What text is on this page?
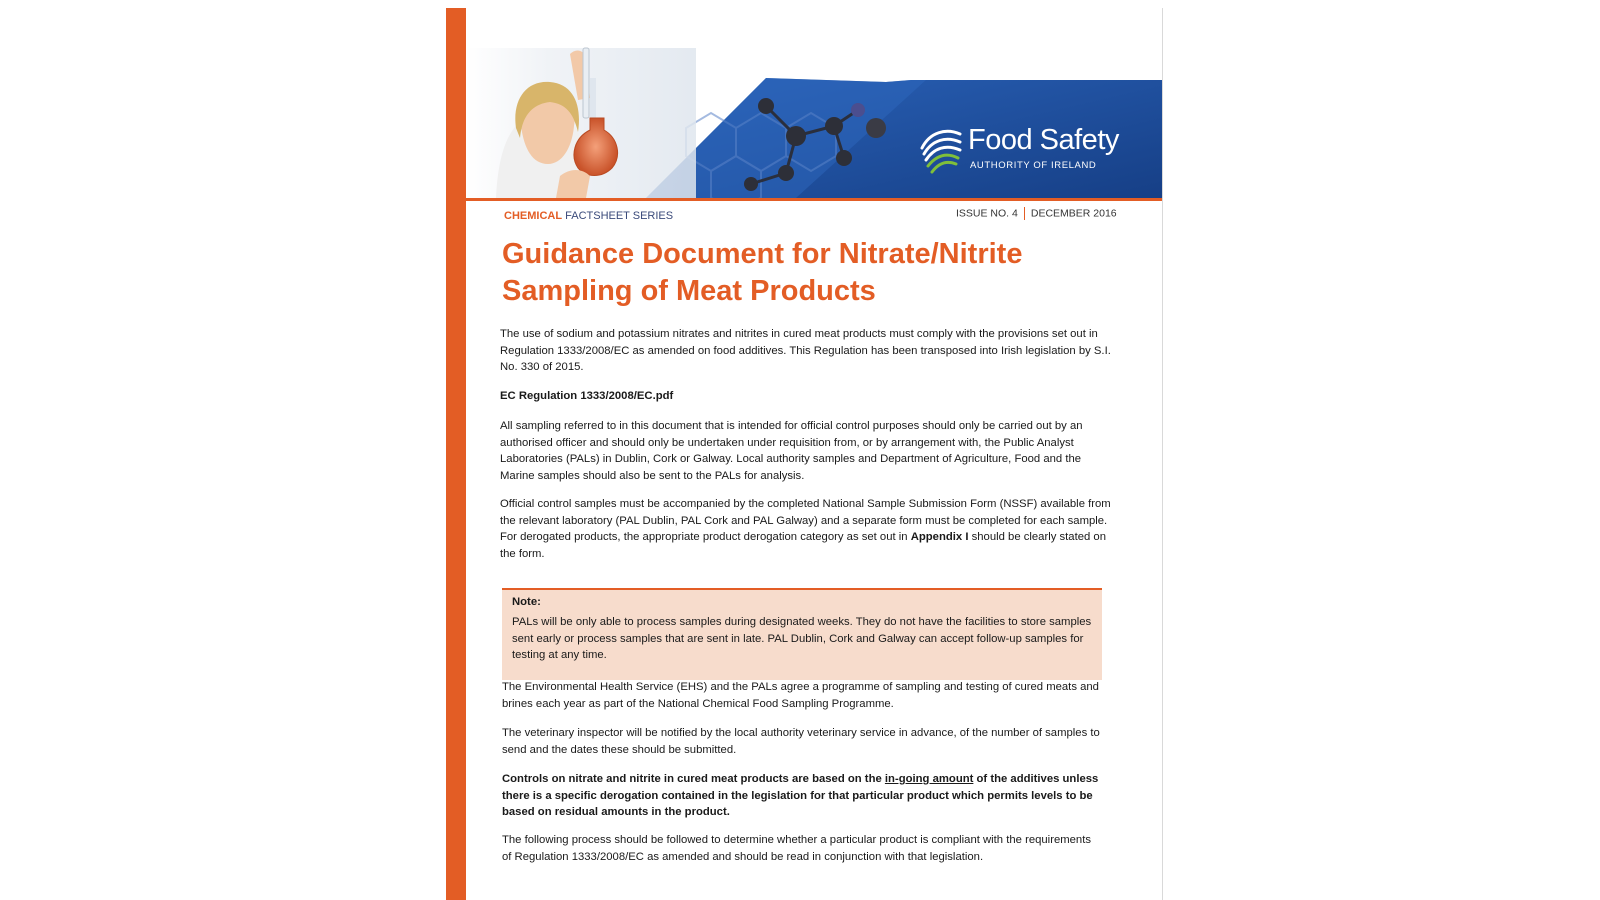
Food Safety
AUTHORITY OF IRELAND
CHEMICAL FACTSHEET SERIES	ISSUE NO. 4 DECEMBER 2016
Guidance Document for Nitrate/Nitrite
Sampling of Meat Products

The use of sodium and potassium nitrates and nitrites in cured meat products must comply with the provisions set out in Regulation 1333/2008/EC as amended on food additives. This Regulation has been transposed into Irish legislation by S.I. No. 330 of 2015.

EC Regulation 1333/2008/EC.pdf

All sampling referred to in this document that is intended for official control purposes should only be carried out by an authorised officer and should only be undertaken under requisition from, or by arrangement with, the Public Analyst Laboratories (PALs) in Dublin, Cork or Galway. Local authority samples and Department of Agriculture, Food and the Marine samples should also be sent to the PALs for analysis.

Official control samples must be accompanied by the completed National Sample Submission Form (NSSF) available from the relevant laboratory (PAL Dublin, PAL Cork and PAL Galway) and a separate form must be completed for each sample. For derogated products, the appropriate product derogation category as set out in Appendix I should be clearly stated on the form.

Note:

PALs will be only able to process samples during designated weeks. They do not have the facilities to store samples sent early or process samples that are sent in late. PAL Dublin, Cork and Galway can accept follow-up samples for testing at any time.

The Environmental Health Service (EHS) and the PALs agree a programme of sampling and testing of cured meats and brines each year as part of the National Chemical Food Sampling Programme.

The veterinary inspector will be notified by the local authority veterinary service in advance, of the number of samples to send and the dates these should be submitted.

Controls on nitrate and nitrite in cured meat products are based on the in-going amount of the additives unless there is a specific derogation contained in the legislation for that particular product which permits levels to be based on residual amounts in the product.

The following process should be followed to determine whether a particular product is compliant with the requirements of Regulation 1333/2008/EC as amended and should be read in conjunction with that legislation.
